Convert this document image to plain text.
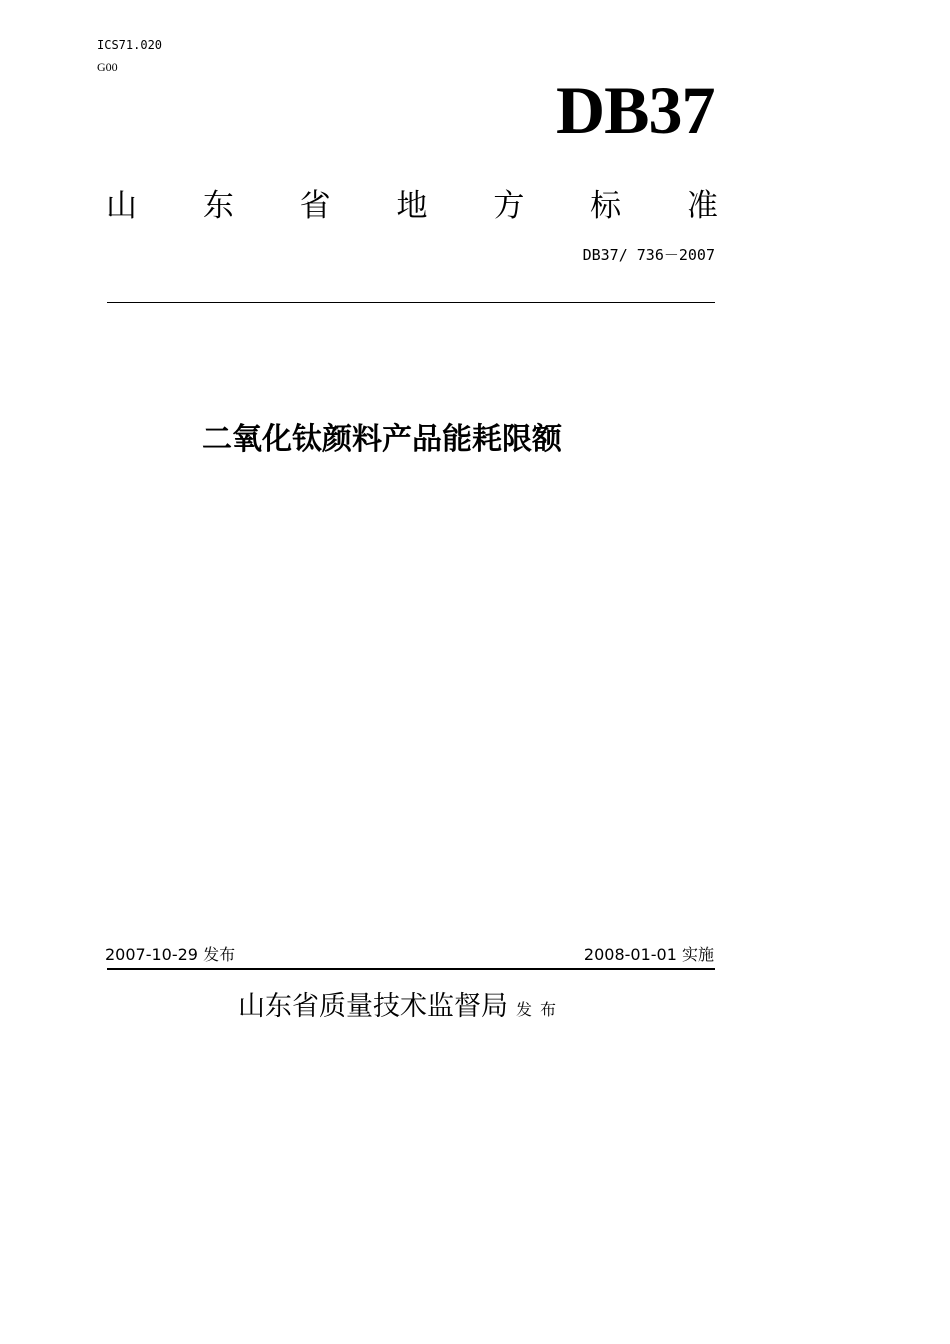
ICS71.020
G00
DB37
山 东 省 地 方 标 准
DB37/ 736－2007
二氧化钛颜料产品能耗限额
2007-10-29 发布	2008-01-01 实施
山东省质量技术监督局 发布
